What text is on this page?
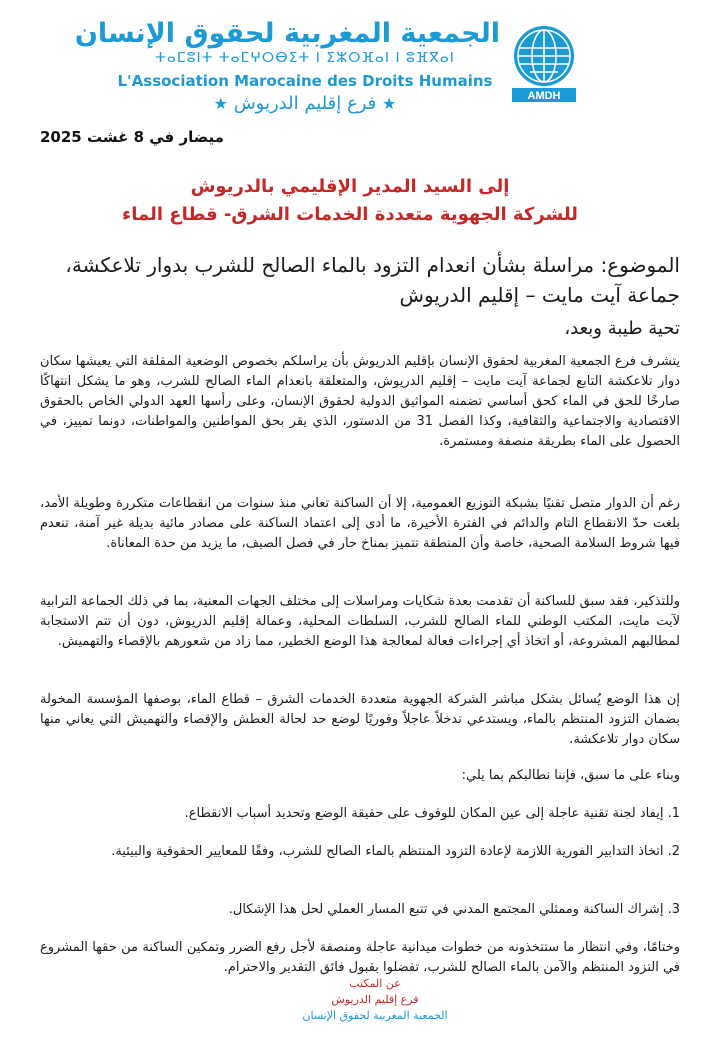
الجمعية المغربية لحقوق الإنسان
ⵜⴰⵎⵓⵏⵜ ⵜⴰⵎⵖⵔⴱⵉⵜ ⵏ ⵉⵣⵔⴼⴰⵏ ⵏ ⵓⴼⴳⴰⵏ
L'Association Marocaine des Droits Humains
★ فرع إقليم الدريوش ★	AMDH
ميضار في 8 غشت 2025
إلى السيد المدير الإقليمي بالدريوش
للشركة الجهوية متعددة الخدمات الشرق- قطاع الماء
الموضوع: مراسلة بشأن انعدام التزود بالماء الصالح للشرب بدوار تلاعكشة،
جماعة آيت مايت – إقليم الدريوش
تحية طيبة وبعد،
يتشرف فرع الجمعية المغربية لحقوق الإنسان بإقليم الدريوش بأن يراسلكم بخصوص الوضعية المقلقة التي يعيشها سكان دوار تلاعكشة التابع لجماعة آيت مايت – إقليم الدريوش، والمتعلقة بانعدام الماء الصالح للشرب، وهو ما يشكل انتهاكًا صارخًا للحق في الماء كحق أساسي تضمنه المواثيق الدولية لحقوق الإنسان، وعلى رأسها العهد الدولي الخاص بالحقوق الاقتصادية والاجتماعية والثقافية، وكذا الفصل 31 من الدستور، الذي يقر بحق المواطنين والمواطنات، دونما تمييز، في الحصول على الماء بطريقة منصفة ومستمرة.
رغم أن الدوار متصل تقنيًا بشبكة التوزيع العمومية، إلا أن الساكنة تعاني منذ سنوات من انقطاعات متكررة وطويلة الأمد، بلغت حدّ الانقطاع التام والدائم في الفترة الأخيرة، ما أدى إلى اعتماد الساكنة على مصادر مائية بديلة غير آمنة، تنعدم فيها شروط السلامة الصحية، خاصة وأن المنطقة تتميز بمناخ حار في فصل الصيف، ما يزيد من حدة المعاناة.
وللتذكير، فقد سبق للساكنة أن تقدمت بعدة شكايات ومراسلات إلى مختلف الجهات المعنية، بما في ذلك الجماعة الترابية لآيت مايت، المكتب الوطني للماء الصالح للشرب، السلطات المحلية، وعمالة إقليم الدريوش، دون أن تتم الاستجابة لمطالبهم المشروعة، أو اتخاذ أي إجراءات فعالة لمعالجة هذا الوضع الخطير، مما زاد من شعورهم بالإقصاء والتهميش.
إن هذا الوضع يُسائل بشكل مباشر الشركة الجهوية متعددة الخدمات الشرق – قطاع الماء، بوصفها المؤسسة المخولة بضمان التزود المنتظم بالماء، ويستدعي تدخلاً عاجلاً وفوريًا لوضع حد لحالة العطش والإقصاء والتهميش التي يعاني منها سكان دوار تلاعكشة.
وبناء على ما سبق، فإننا نطالبكم بما يلي:
1. إيفاد لجنة تقنية عاجلة إلى عين المكان للوقوف على حقيقة الوضع وتحديد أسباب الانقطاع.
2. اتخاذ التدابير الفورية اللازمة لإعادة التزود المنتظم بالماء الصالح للشرب، وفقًا للمعايير الحقوقية والبيئية.
3. إشراك الساكنة وممثلي المجتمع المدني في تتبع المسار العملي لحل هذا الإشكال.
وختامًا، وفي انتظار ما ستتخذونه من خطوات ميدانية عاجلة ومنصفة لأجل رفع الضرر وتمكين الساكنة من حقها المشروع في التزود المنتظم والآمن بالماء الصالح للشرب، تفضلوا بقبول فائق التقدير والاحترام.
عن المكتب
فرع إقليم الدريوش
الجمعية المغربية لحقوق الإنسان
